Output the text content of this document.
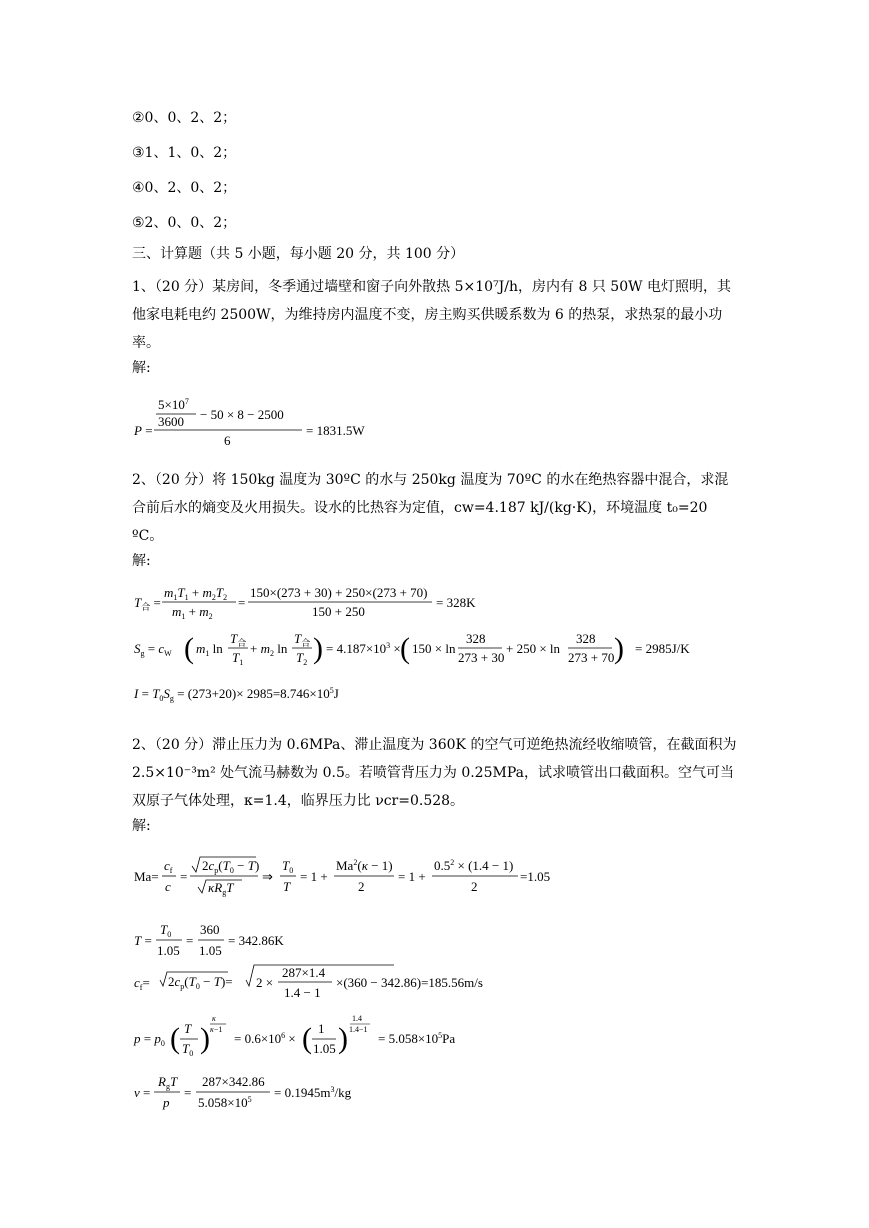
②0、0、2、2；
③1、1、0、2；
④0、2、0、2；
⑤2、0、0、2；
三、计算题（共 5 小题，每小题 20 分，共 100 分）
1、（20 分）某房间，冬季通过墙壁和窗子向外散热 5×10⁷J/h，房内有 8 只 50W 电灯照明，其他家电耗电约 2500W，为维持房内温度不变，房主购买供暖系数为 6 的热泵，求热泵的最小功率。
解:
P =
$5\times 10^7$
3600 − 50 × 8 − 2500
6
= 1831.5W
2、（20 分）将 150kg 温度为 30ºC 的水与 250kg 温度为 70ºC 的水在绝热容器中混合，求混合前后水的熵变及火用损失。设水的比热容为定值，cw=4.187 kJ/(kg·K)，环境温度 t₀=20 ºC。
解:
$T_合$ =
$m_1T_1 + m_2T_2$
$m_1 + m_2$
=
150×(273 + 30) + 250×(273 + 70)
150 + 250
= 328K
$S_g = c_W$ ( $m_1$ ln
$T_合$
$T_1$
+ $m_2$ ln
$T_合$
$T_2$ ) = $4.187\times 10^3$ × ( 150 × ln
328
273 + 30
+ 250 × ln
328
273 + 70 ) = 2985J/K
$I = T_0S_g = (273+20)\times 2985=8.746\times 10^5J$
2、（20 分）滞止压力为 0.6MPa、滞止温度为 360K 的空气可逆绝热流经收缩喷管，在截面积为 2.5×10⁻³m² 处气流马赫数为 0.5。若喷管背压力为 0.25MPa，试求喷管出口截面积。空气可当双原子气体处理，κ=1.4，临界压力比 νcr=0.528。
解:
Ma=
$c_f$
c
=
$2c_p(T_0 - T)$
$\kappa R_gT$
⇒
$T_0$
T
= 1 +
$Ma^2(\kappa - 1)$
2
= 1 +
$0.5^2 \times (1.4 - 1)$
2
=1.05
T =
$T_0$
1.05
=
360
1.05
= 342.86K
$c_f= 2c_p(T_0 - T)= 2$ ×
287×1.4
1.4 − 1
×(360 − 342.86)=185.56m/s
$p = p_0$ ( T
$T_0$ )
κ
κ−1
= $0.6\times 10^6$ × ( 1
1.05 )
1.4
1.4−1
= $5.058\times 10^5Pa$
v =
$R_gT$
p
=
287×342.86
$5.058\times 10^5 = 0.1945m^3/kg$
